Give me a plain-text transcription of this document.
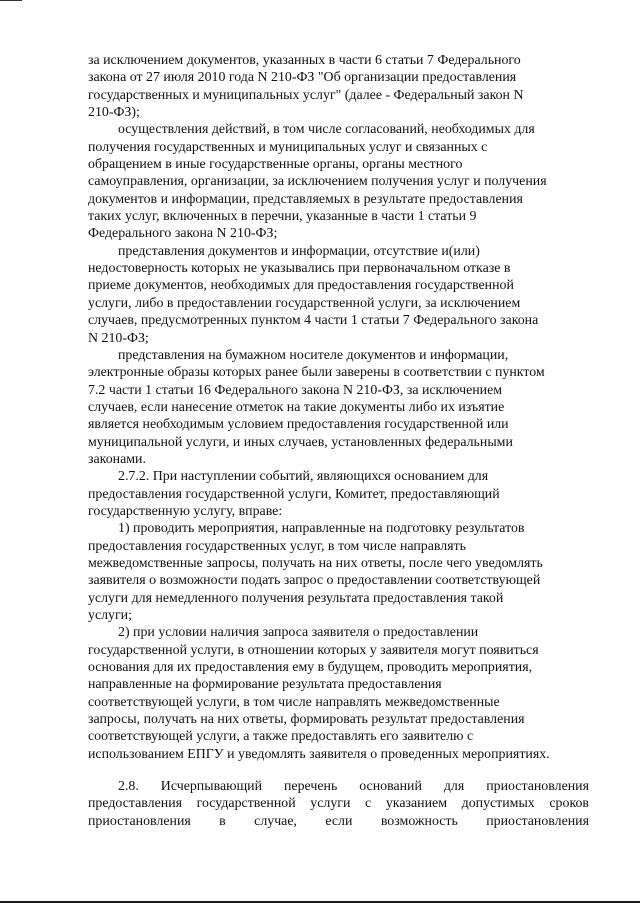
за исключением документов, указанных в части 6 статьи 7 Федерального
закона от 27 июля 2010 года N 210-ФЗ "Об организации предоставления
государственных и муниципальных услуг" (далее - Федеральный закон N
210-ФЗ);

осуществления действий, в том числе согласований, необходимых для
получения государственных и муниципальных услуг и связанных с
обращением в иные государственные органы, органы местного
самоуправления, организации, за исключением получения услуг и получения
документов и информации, представляемых в результате предоставления
таких услуг, включенных в перечни, указанные в части 1 статьи 9
Федерального закона N 210-ФЗ;

представления документов и информации, отсутствие и(или)
недостоверность которых не указывались при первоначальном отказе в
приеме документов, необходимых для предоставления государственной
услуги, либо в предоставлении государственной услуги, за исключением
случаев, предусмотренных пунктом 4 части 1 статьи 7 Федерального закона
N 210-ФЗ;

представления на бумажном носителе документов и информации,
электронные образы которых ранее были заверены в соответствии с пунктом
7.2 части 1 статьи 16 Федерального закона N 210-ФЗ, за исключением
случаев, если нанесение отметок на такие документы либо их изъятие
является необходимым условием предоставления государственной или
муниципальной услуги, и иных случаев, установленных федеральными
законами.

2.7.2. При наступлении событий, являющихся основанием для
предоставления государственной услуги, Комитет, предоставляющий
государственную услугу, вправе:

1) проводить мероприятия, направленные на подготовку результатов
предоставления государственных услуг, в том числе направлять
межведомственные запросы, получать на них ответы, после чего уведомлять
заявителя о возможности подать запрос о предоставлении соответствующей
услуги для немедленного получения результата предоставления такой
услуги;

2) при условии наличия запроса заявителя о предоставлении
государственной услуги, в отношении которых у заявителя могут появиться
основания для их предоставления ему в будущем, проводить мероприятия,
направленные на формирование результата предоставления
соответствующей услуги, в том числе направлять межведомственные
запросы, получать на них ответы, формировать результат предоставления
соответствующей услуги, а также предоставлять его заявителю с
использованием ЕПГУ и уведомлять заявителя о проведенных мероприятиях.

2.8. Исчерпывающий перечень оснований для приостановления
предоставления государственной услуги с указанием допустимых сроков
приостановления в случае, если возможность приостановления
